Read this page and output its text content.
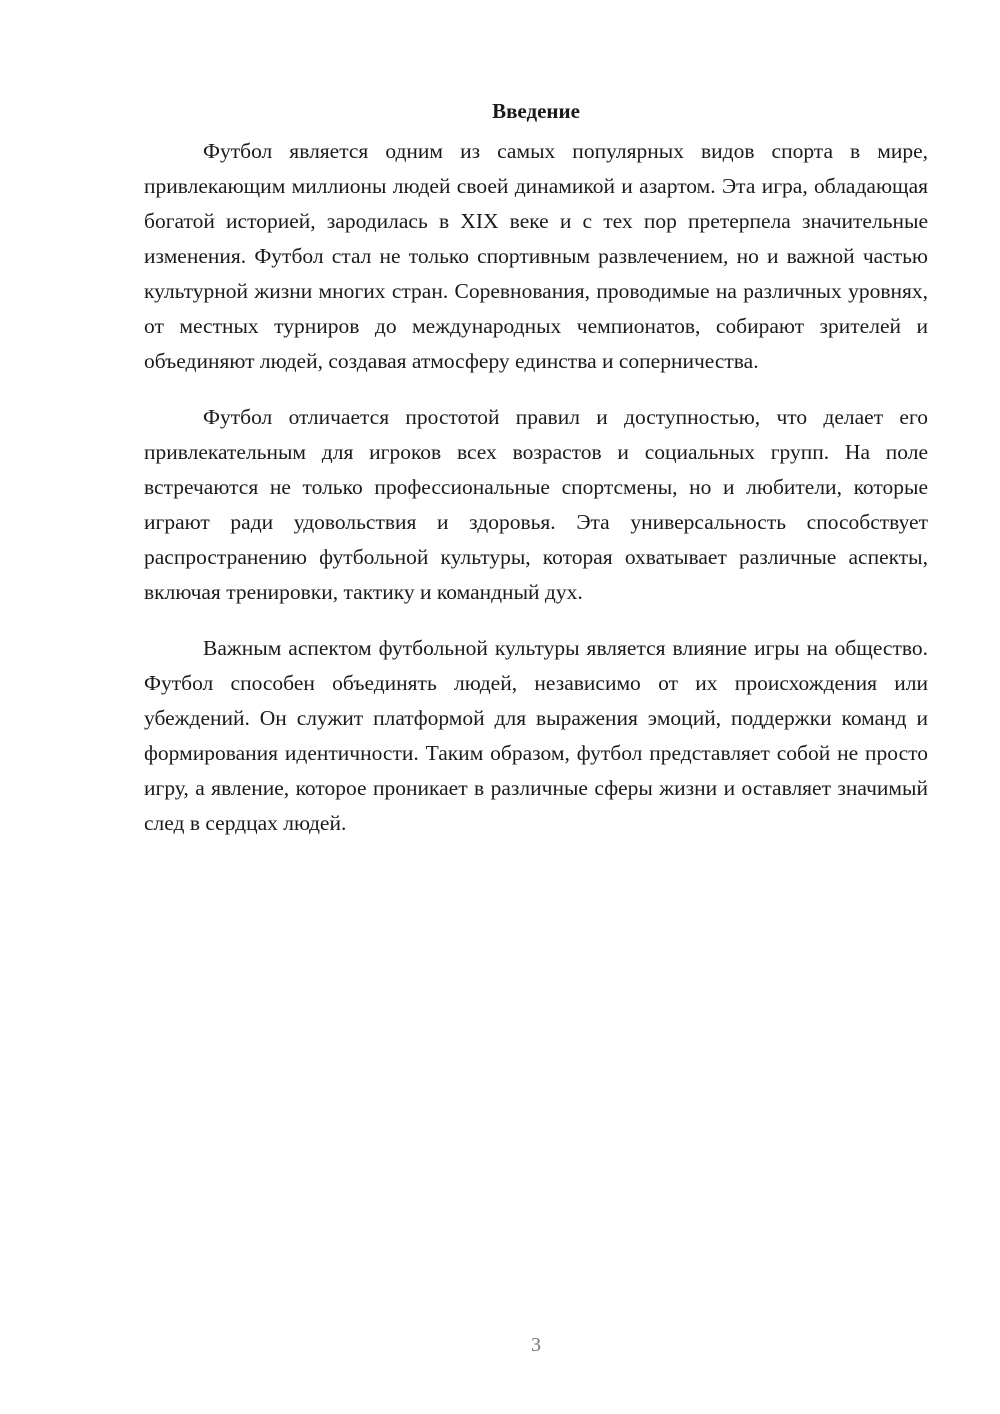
Введение

Футбол является одним из самых популярных видов спорта в мире, привлекающим миллионы людей своей динамикой и азартом. Эта игра, обладающая богатой историей, зародилась в XIX веке и с тех пор претерпела значительные изменения. Футбол стал не только спортивным развлечением, но и важной частью культурной жизни многих стран. Соревнования, проводимые на различных уровнях, от местных турниров до международных чемпионатов, собирают зрителей и объединяют людей, создавая атмосферу единства и соперничества.

Футбол отличается простотой правил и доступностью, что делает его привлекательным для игроков всех возрастов и социальных групп. На поле встречаются не только профессиональные спортсмены, но и любители, которые играют ради удовольствия и здоровья. Эта универсальность способствует распространению футбольной культуры, которая охватывает различные аспекты, включая тренировки, тактику и командный дух.

Важным аспектом футбольной культуры является влияние игры на общество. Футбол способен объединять людей, независимо от их происхождения или убеждений. Он служит платформой для выражения эмоций, поддержки команд и формирования идентичности. Таким образом, футбол представляет собой не просто игру, а явление, которое проникает в различные сферы жизни и оставляет значимый след в сердцах людей.

3
